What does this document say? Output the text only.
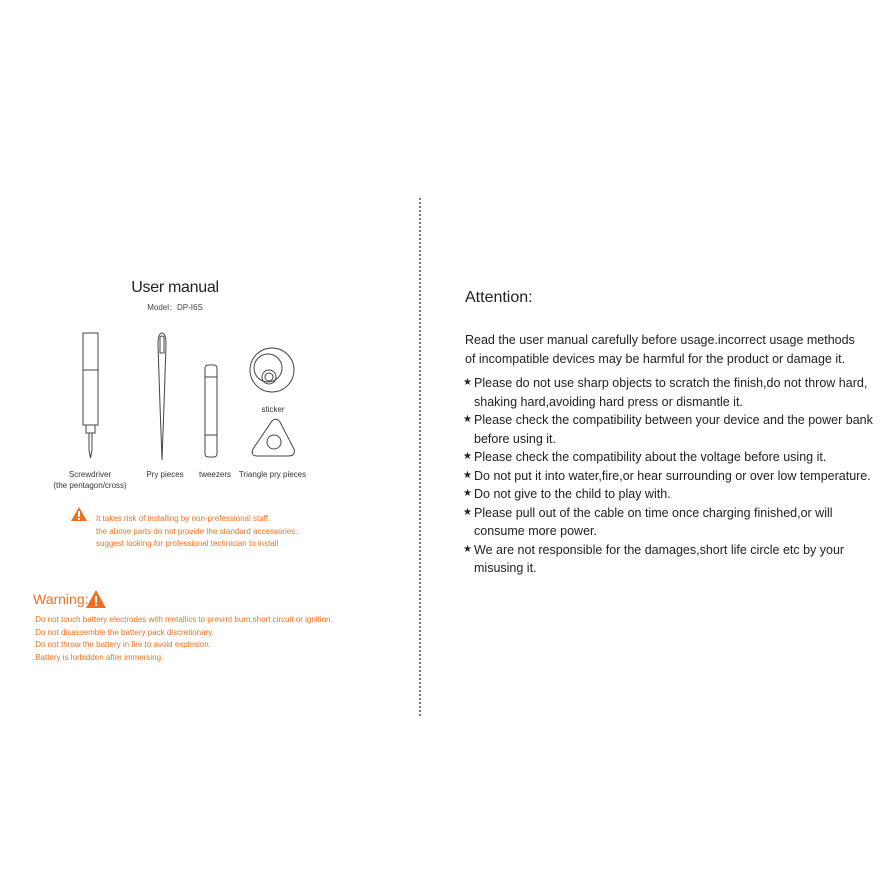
User manual
Model：DP-I6S
Screwdriver
(the pentagon/cross)
Pry pieces	tweezers
sticker
Triangle pry pieces
It takes risk of installing by non-prefessional staff.
the above parts do not provide the standard accessories.
suggest looking for professional technician to install
Warning:
.Do not touch battery electrodes with metallics to prevrnt burn,short circuit or ignition.
.Do not disassemble the battery pack discretionary.
.Do not throw the battery in fire to avoid explosion.
.Battery is lorbidden after immersing.
Attention:
Read the user manual carefully before usage.incorrect usage methods of incompatible devices may be harmful for the product or damage it.
★ Please do not use sharp objects to scratch the finish,do not throw hard, shaking hard,avoiding hard press or dismantle it.
★ Please check the compatibility between your device and the power bank before using it.
★ Please check the compatibility about the voltage before using it.
★ Do not put it into water,fire,or hear surrounding or over low temperature.
★ Do not give to the child to play with.
★ Please pull out of the cable on time once charging finished,or will consume more power.
★ We are not responsible for the damages,short life circle etc by your misusing it.
